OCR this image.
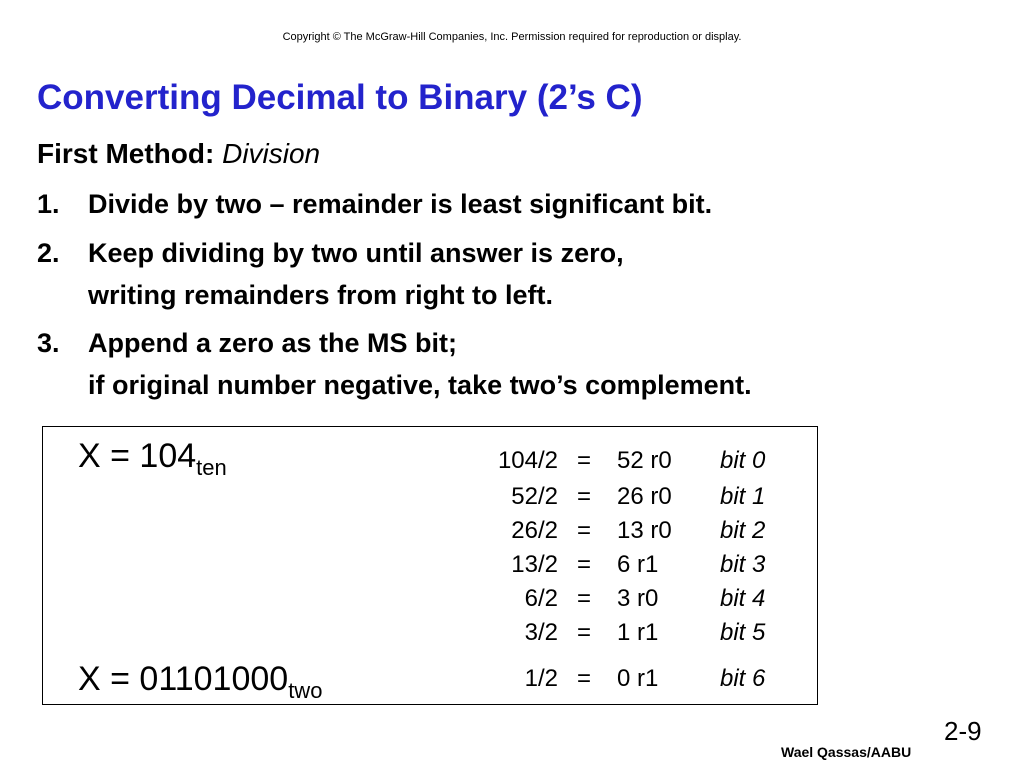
Copyright © The McGraw-Hill Companies, Inc. Permission required for reproduction or display.
Converting Decimal to Binary (2’s C)
First Method: Division
1. Divide by two – remainder is least significant bit.
2. Keep dividing by two until answer is zero,
writing remainders from right to left.
3. Append a zero as the MS bit;
if original number negative, take two’s complement.
$X = 104_{ten}$
$X = 01101000_{two}$
104/2 = 52 r0 bit 0
52/2 = 26 r0 bit 1
26/2 = 13 r0 bit 2
13/2 = 6 r1	bit 3
6/2 = 3 r0	bit 4
3/2 = 1 r1	bit 5
1/2 = 0 r1	bit 6
2-9
Wael Qassas/AABU
